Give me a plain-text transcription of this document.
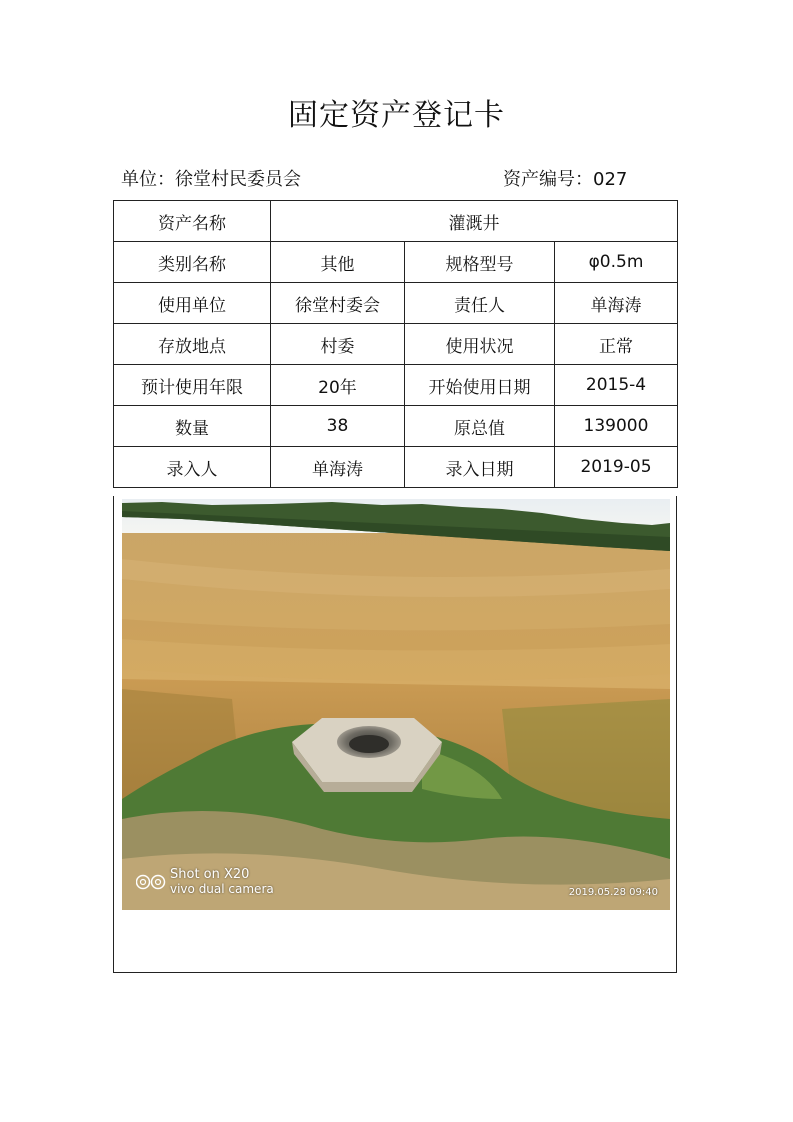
固定资产登记卡
单位：徐堂村民委员会	资产编号：027
资产名称	灌溉井		
类别名称	其他	规格型号	φ0.5m
使用单位	徐堂村委会	责任人	单海涛
存放地点	村委	使用状况	正常
预计使用年限	20年	开始使用日期	2015-4
数量	38	原总值	139000
录入人	单海涛	录入日期	2019-05
Shot on X20
vivo dual camera	2019.05.28 09:40
